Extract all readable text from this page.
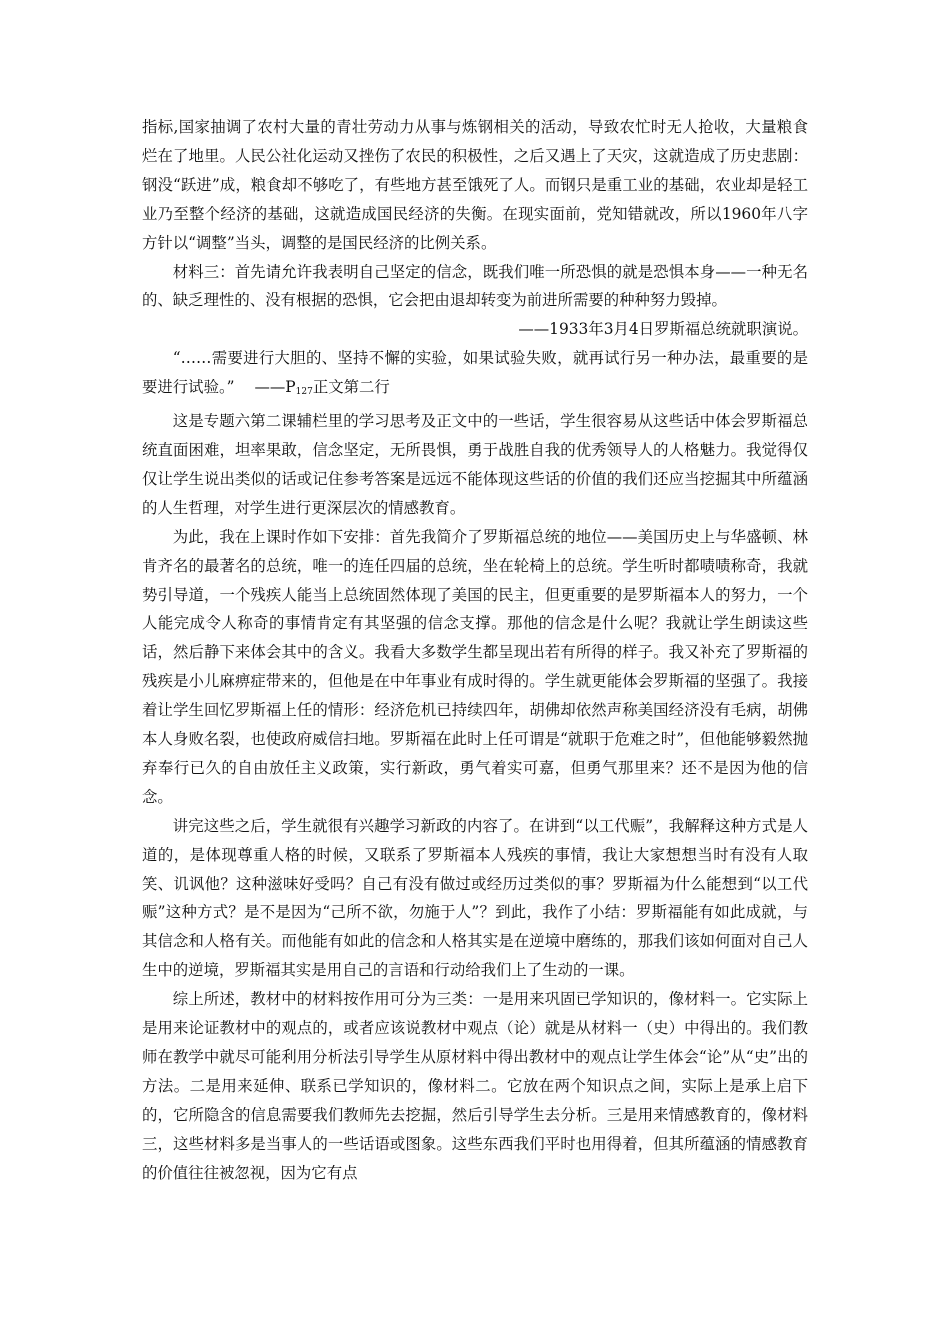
指标,国家抽调了农村大量的青壮劳动力从事与炼钢相关的活动，导致农忙时无人抢收，大量粮食烂在了地里。人民公社化运动又挫伤了农民的积极性，之后又遇上了天灾，这就造成了历史悲剧：钢没“跃进”成，粮食却不够吃了，有些地方甚至饿死了人。而钢只是重工业的基础，农业却是轻工业乃至整个经济的基础，这就造成国民经济的失衡。在现实面前，党知错就改，所以1960年八字方针以“调整”当头，调整的是国民经济的比例关系。

材料三：首先请允许我表明自己坚定的信念，既我们唯一所恐惧的就是恐惧本身——一种无名的、缺乏理性的、没有根据的恐惧，它会把由退却转变为前进所需要的种种努力毁掉。

——1933年3月4日罗斯福总统就职演说。

“……需要进行大胆的、坚持不懈的实验，如果试验失败，就再试行另一种办法，最重要的是要进行试验。” $——P_{127}$正文第二行

这是专题六第二课辅栏里的学习思考及正文中的一些话，学生很容易从这些话中体会罗斯福总统直面困难，坦率果敢，信念坚定，无所畏惧，勇于战胜自我的优秀领导人的人格魅力。我觉得仅仅让学生说出类似的话或记住参考答案是远远不能体现这些话的价值的我们还应当挖掘其中所蕴涵的人生哲理，对学生进行更深层次的情感教育。

为此，我在上课时作如下安排：首先我简介了罗斯福总统的地位——美国历史上与华盛顿、林肯齐名的最著名的总统，唯一的连任四届的总统，坐在轮椅上的总统。学生听时都啧啧称奇，我就势引导道，一个残疾人能当上总统固然体现了美国的民主，但更重要的是罗斯福本人的努力，一个人能完成令人称奇的事情肯定有其坚强的信念支撑。那他的信念是什么呢？我就让学生朗读这些话，然后静下来体会其中的含义。我看大多数学生都呈现出若有所得的样子。我又补充了罗斯福的残疾是小儿麻痹症带来的，但他是在中年事业有成时得的。学生就更能体会罗斯福的坚强了。我接着让学生回忆罗斯福上任的情形：经济危机已持续四年，胡佛却依然声称美国经济没有毛病，胡佛本人身败名裂，也使政府威信扫地。罗斯福在此时上任可谓是“就职于危难之时”，但他能够毅然抛弃奉行已久的自由放任主义政策，实行新政，勇气着实可嘉，但勇气那里来？还不是因为他的信念。

讲完这些之后，学生就很有兴趣学习新政的内容了。在讲到“以工代赈”，我解释这种方式是人道的，是体现尊重人格的时候，又联系了罗斯福本人残疾的事情，我让大家想想当时有没有人取笑、讥讽他？这种滋味好受吗？自己有没有做过或经历过类似的事？罗斯福为什么能想到“以工代赈”这种方式？是不是因为“己所不欲，勿施于人”？到此，我作了小结：罗斯福能有如此成就，与其信念和人格有关。而他能有如此的信念和人格其实是在逆境中磨练的，那我们该如何面对自己人生中的逆境，罗斯福其实是用自己的言语和行动给我们上了生动的一课。

综上所述，教材中的材料按作用可分为三类：一是用来巩固已学知识的，像材料一。它实际上是用来论证教材中的观点的，或者应该说教材中观点（论）就是从材料一（史）中得出的。我们教师在教学中就尽可能利用分析法引导学生从原材料中得出教材中的观点让学生体会“论”从“史”出的方法。二是用来延伸、联系已学知识的，像材料二。它放在两个知识点之间，实际上是承上启下的，它所隐含的信息需要我们教师先去挖掘，然后引导学生去分析。三是用来情感教育的，像材料三，这些材料多是当事人的一些话语或图象。这些东西我们平时也用得着，但其所蕴涵的情感教育的价值往往被忽视，因为它有点
